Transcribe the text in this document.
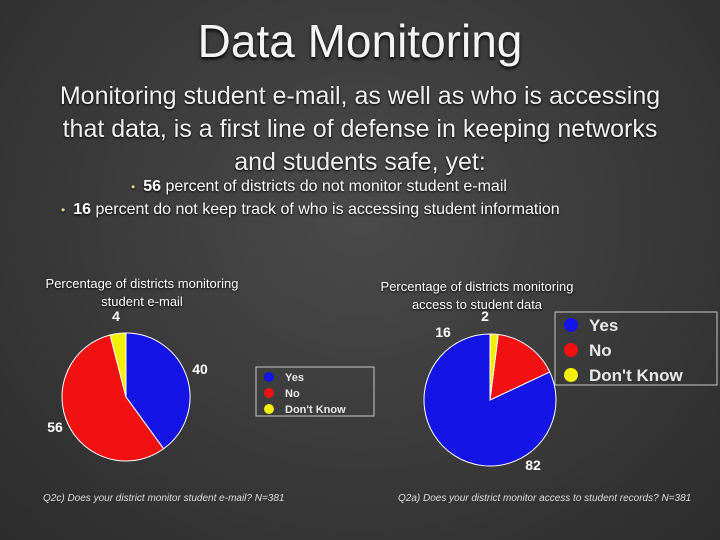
Data Monitoring
Monitoring student e-mail, as well as who is accessing that data, is a first line of defense in keeping networks and students safe, yet:
• 56 percent of districts do not monitor student e-mail
• 16 percent do not keep track of who is accessing student information
Percentage of districts monitoring
student e-mail
Percentage of districts monitoring
access to student data
40
56
4
Yes
No
Don't Know
82
16
2
Yes
No
Don't Know
Q2c) Does your district monitor student e-mail? N=381	Q2a) Does your district monitor access to student records? N=381
